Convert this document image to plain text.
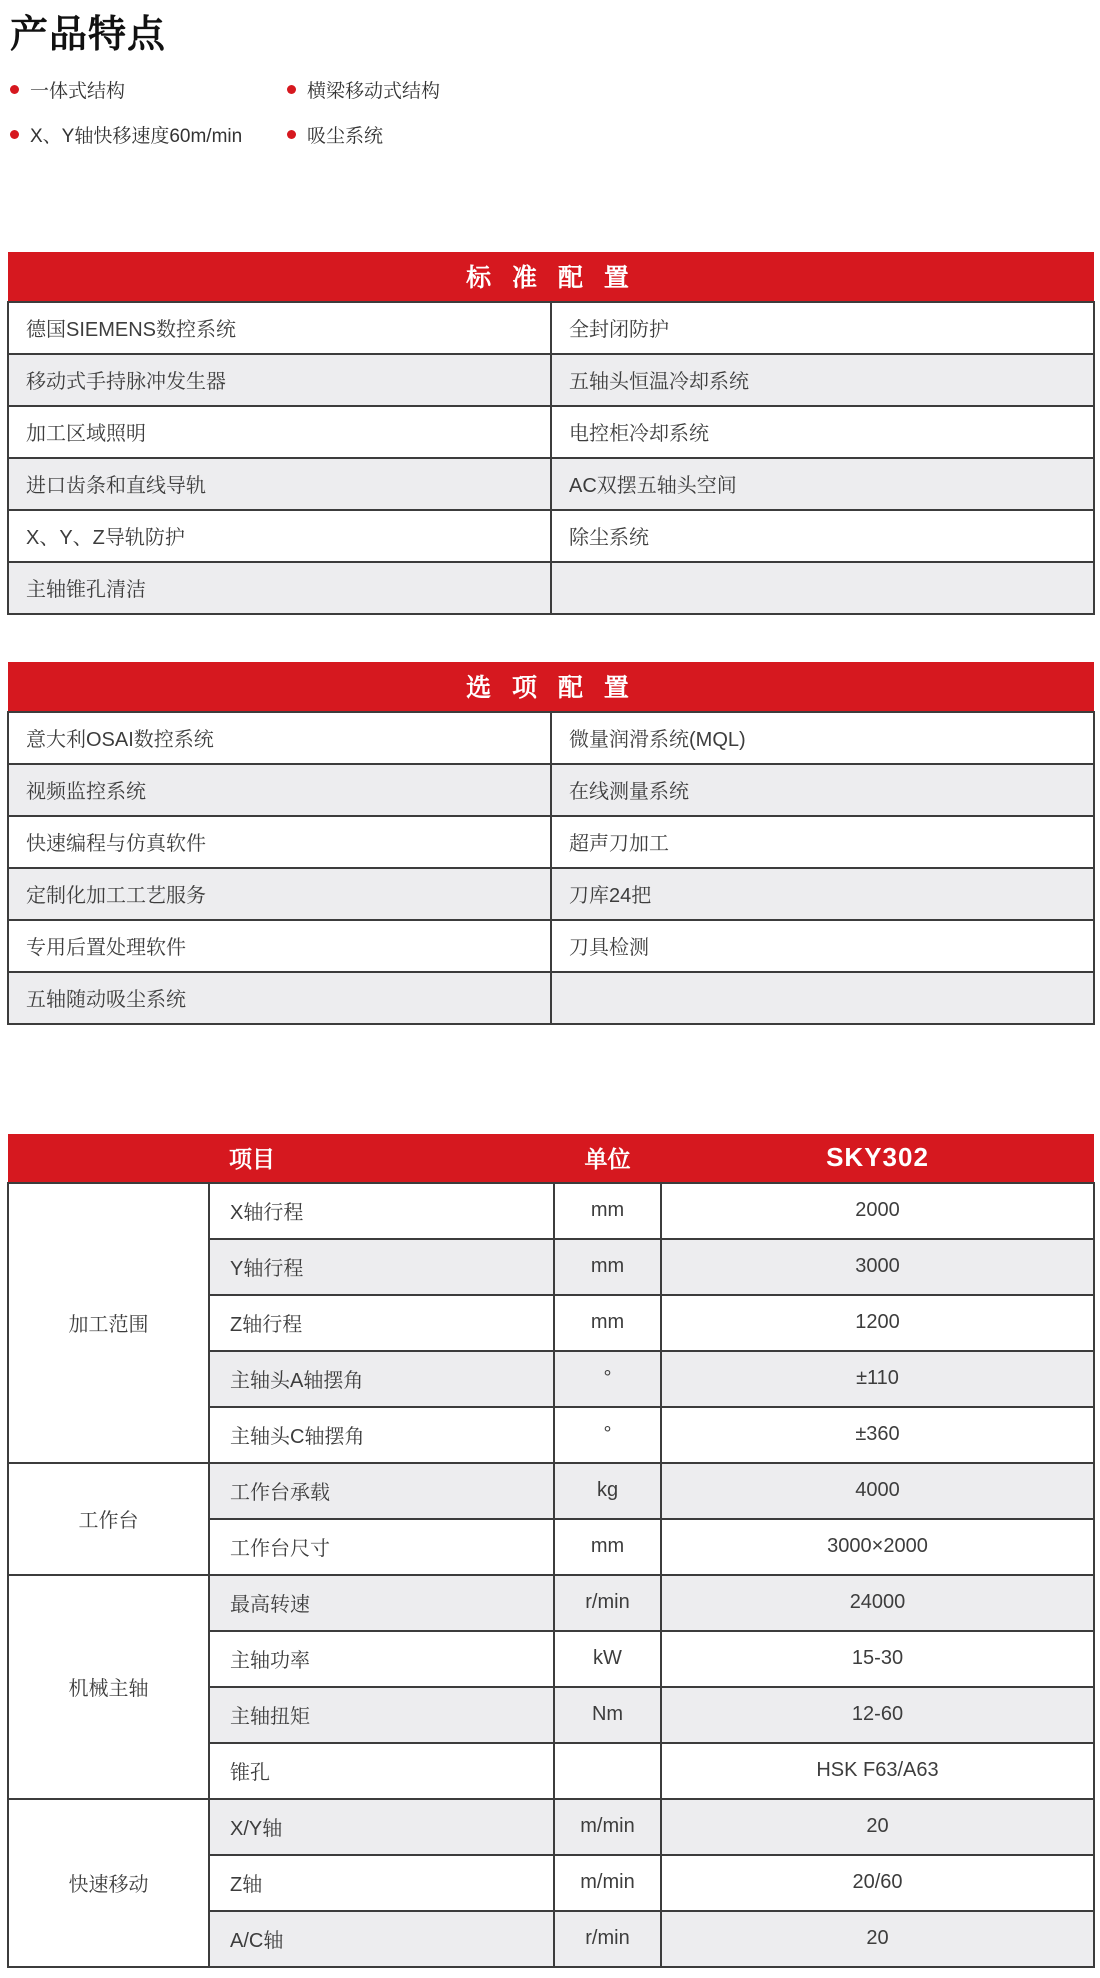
产品特点
一体式结构	横梁移动式结构
X、Y轴快移速度60m/min	吸尘系统
标 准 配 置	
德国SIEMENS数控系统	全封闭防护
移动式手持脉冲发生器	五轴头恒温冷却系统
加工区域照明	电控柜冷却系统
进口齿条和直线导轨	AC双摆五轴头空间
X、Y、Z导轨防护	除尘系统
主轴锥孔清洁	
选 项 配 置	
意大利OSAI数控系统	微量润滑系统(MQL)
视频监控系统	在线测量系统
快速编程与仿真软件	超声刀加工
定制化加工工艺服务	刀库24把
专用后置处理软件	刀具检测
五轴随动吸尘系统	
	项目	单位	SKY302
加工范围	X轴行程	mm	2000
	Y轴行程	mm	3000
	Z轴行程	mm	1200
	主轴头A轴摆角	°	±110
	主轴头C轴摆角	°	±360
工作台	工作台承载	kg	4000
	工作台尺寸	mm	3000×2000
机械主轴	最高转速	r/min	24000
	主轴功率	kW	15-30
	主轴扭矩	Nm	12-60
	锥孔		HSK F63/A63
快速移动	X/Y轴	m/min	20
	Z轴	m/min	20/60
	A/C轴	r/min	20
